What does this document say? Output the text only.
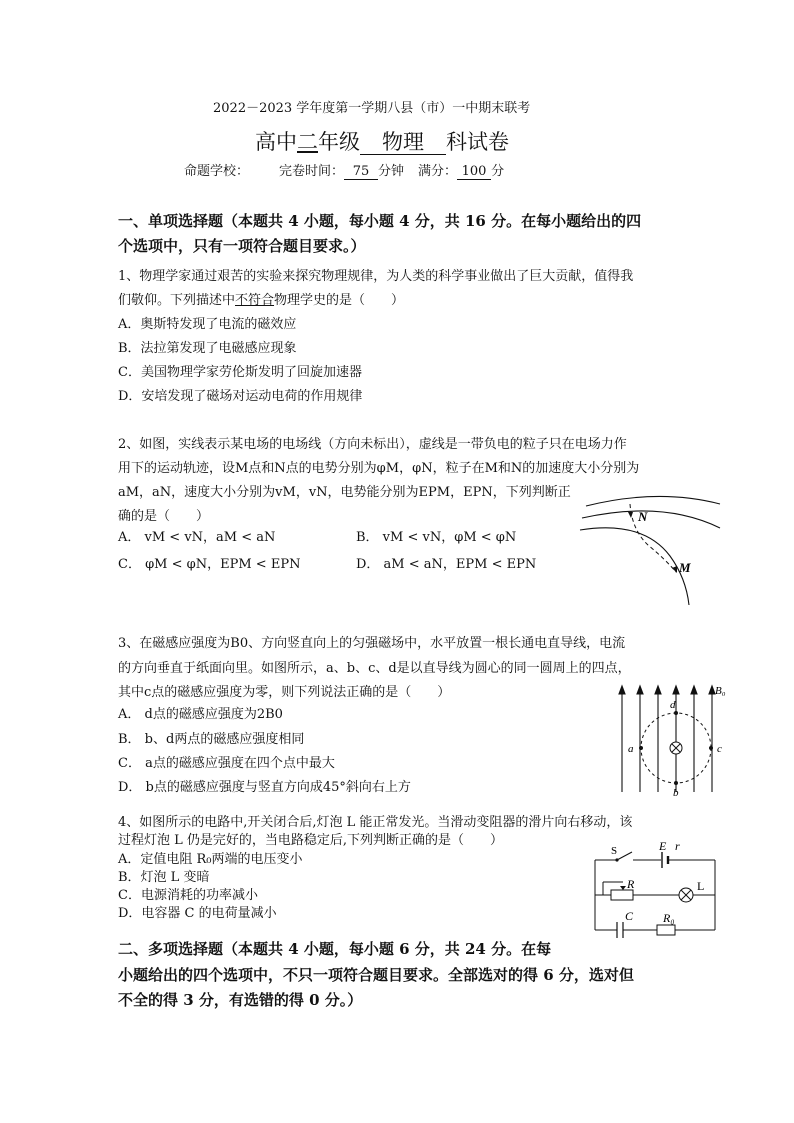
2022－2023 学年度第一学期八县（市）一中期末联考
高中二年级 物理 科试卷
命题学校： 完卷时间： 75 分钟 满分： 100 分
一、单项选择题（本题共 4 小题，每小题 4 分，共 16 分。在每小题给出的四
个选项中，只有一项符合题目要求。）
1、物理学家通过艰苦的实验来探究物理规律，为人类的科学事业做出了巨大贡献，值得我
们敬仰。下列描述中不符合物理学史的是（　　）
A．奥斯特发现了电流的磁效应
B．法拉第发现了电磁感应现象
C．美国物理学家劳伦斯发明了回旋加速器
D．安培发现了磁场对运动电荷的作用规律
2、如图，实线表示某电场的电场线（方向未标出），虚线是一带负电的粒子只在电场力作
用下的运动轨迹，设M点和N点的电势分别为φM，φN，粒子在M和N的加速度大小分别为
aM，aN，速度大小分别为vM，vN，电势能分别为EPM，EPN，下列判断正
确的是（　　）
A． vM < vN，aM < aN	B． vM < vN，φM < φN
C． φM < φN，EPM < EPN	D． aM < aN，EPM < EPN
N
M
3、在磁感应强度为B0、方向竖直向上的匀强磁场中，水平放置一根长通电直导线，电流
的方向垂直于纸面向里。如图所示，a、b、c、d是以直导线为圆心的同一圆周上的四点，
其中c点的磁感应强度为零，则下列说法正确的是（　　）
A． d点的磁感应强度为2B0
B． b、d两点的磁感应强度相同
C． a点的磁感应强度在四个点中最大
D． b点的磁感应强度与竖直方向成45°斜向右上方
B₀
a	c
d
b
4、如图所示的电路中,开关闭合后,灯泡 L 能正常发光。当滑动变阻器的滑片向右移动，该
过程灯泡 L 仍是完好的，当电路稳定后,下列判断正确的是（　　）
A．定值电阻 R₀两端的电压变小
B．灯泡 L 变暗
C．电源消耗的功率减小
D．电容器 C 的电荷量减小
S	E r
R	L
C R₀
二、多项选择题（本题共 4 小题，每小题 6 分，共 24 分。在每
小题给出的四个选项中，不只一项符合题目要求。全部选对的得 6 分，选对但
不全的得 3 分，有选错的得 0 分。）
